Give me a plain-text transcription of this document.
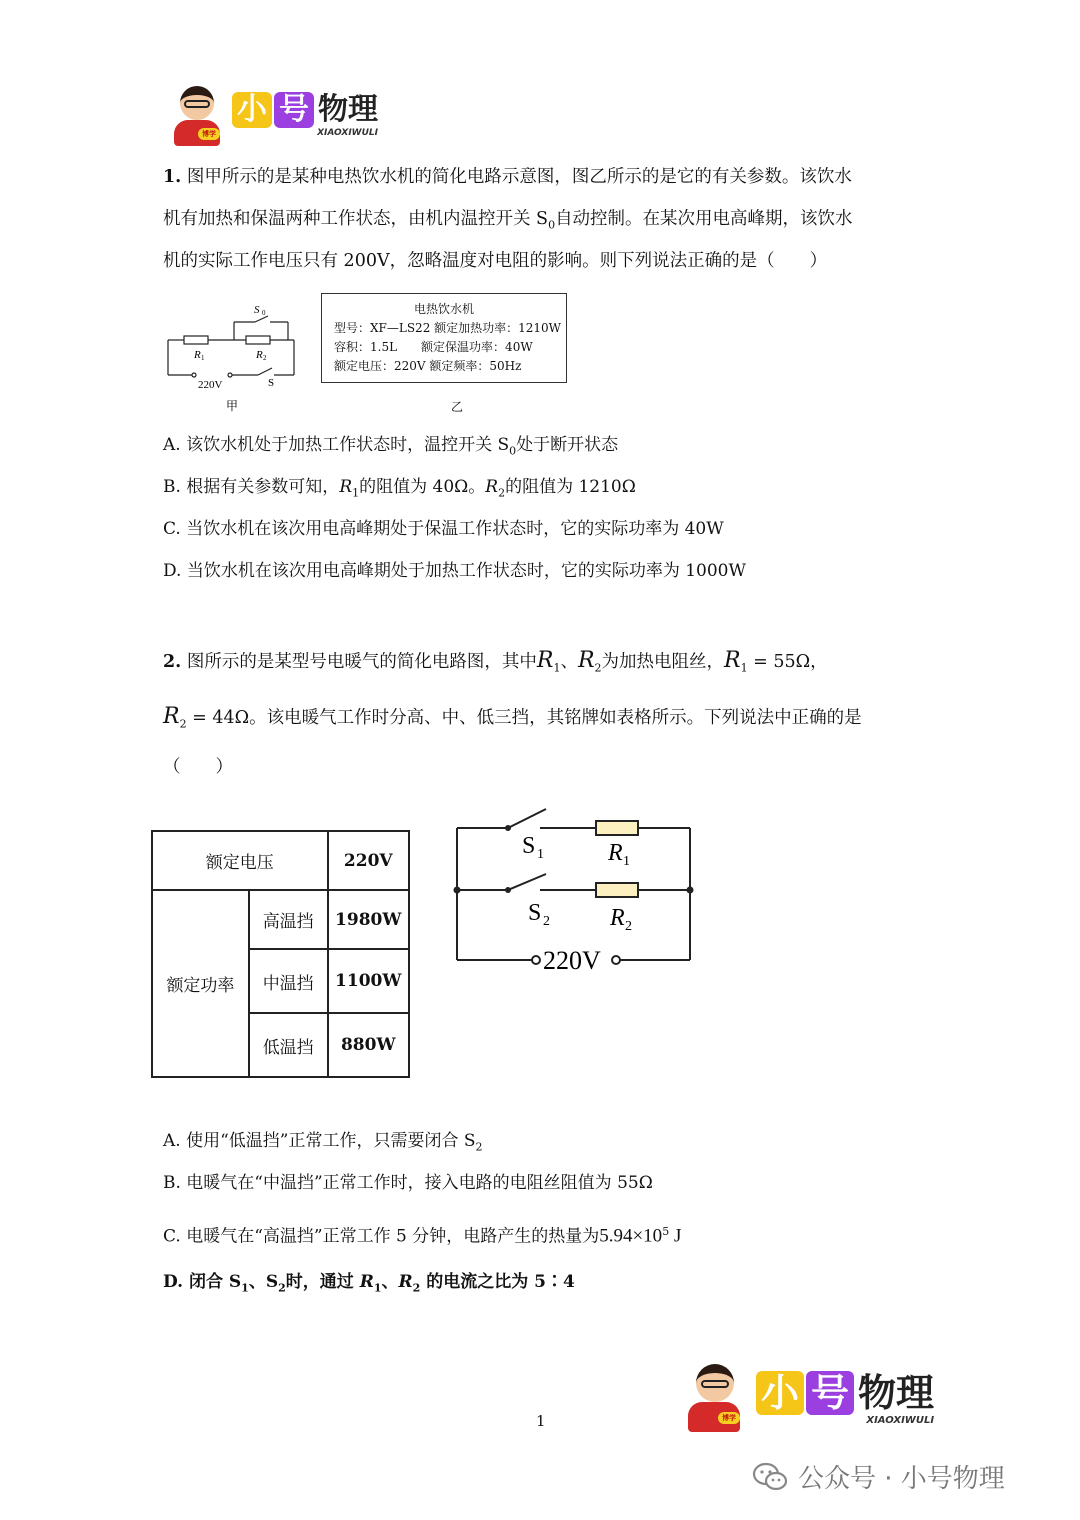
博学
小 号 物理
XIAOXIWULI
1. 图甲所示的是某种电热饮水机的简化电路示意图，图乙所示的是它的有关参数。该饮水
机有加热和保温两种工作状态，由机内温控开关 $S_0$自动控制。在某次用电高峰期，该饮水
机的实际工作电压只有 200V，忽略温度对电阻的影响。则下列说法正确的是（　　）
S 0
R 1	R 2
220V	S
甲
电热饮水机
型号：XF—LS22 额定加热功率：1210W
容积：1.5L　　额定保温功率：40W
额定电压：220V 额定频率：50Hz
乙
A. 该饮水机处于加热工作状态时，温控开关 $S_0$处于断开状态
B. 根据有关参数可知，$R_1$的阻值为 40Ω。$R_2$的阻值为 1210Ω
C. 当饮水机在该次用电高峰期处于保温工作状态时，它的实际功率为 40W
D. 当饮水机在该次用电高峰期处于加热工作状态时，它的实际功率为 1000W
2. 图所示的是某型号电暖气的简化电路图，其中$R_1$、$R_2$为加热电阻丝，$R_1 = 55\Omega$，
$R_2 = 44\Omega$。该电暖气工作时分高、中、低三挡，其铭牌如表格所示。下列说法中正确的是
（　　）
额定电压		220V
额定功率	高温挡	1980W
	中温挡	1100W
	低温挡	880W
S 1	R 1
S 2	R 2
220V
A. 使用“低温挡”正常工作，只需要闭合 $S_2$
B. 电暖气在“中温挡”正常工作时，接入电路的电阻丝阻值为 55Ω
C. 电暖气在“高温挡”正常工作 5 分钟，电路产生的热量为$5.94\times 10^5$ J
D. 闭合 $S_1$、$S_2$时，通过 $R_1$、$R_2$ 的电流之比为 5∶4
1	博学
小 号 物理
XIAOXIWULI
公众号 · 小号物理
